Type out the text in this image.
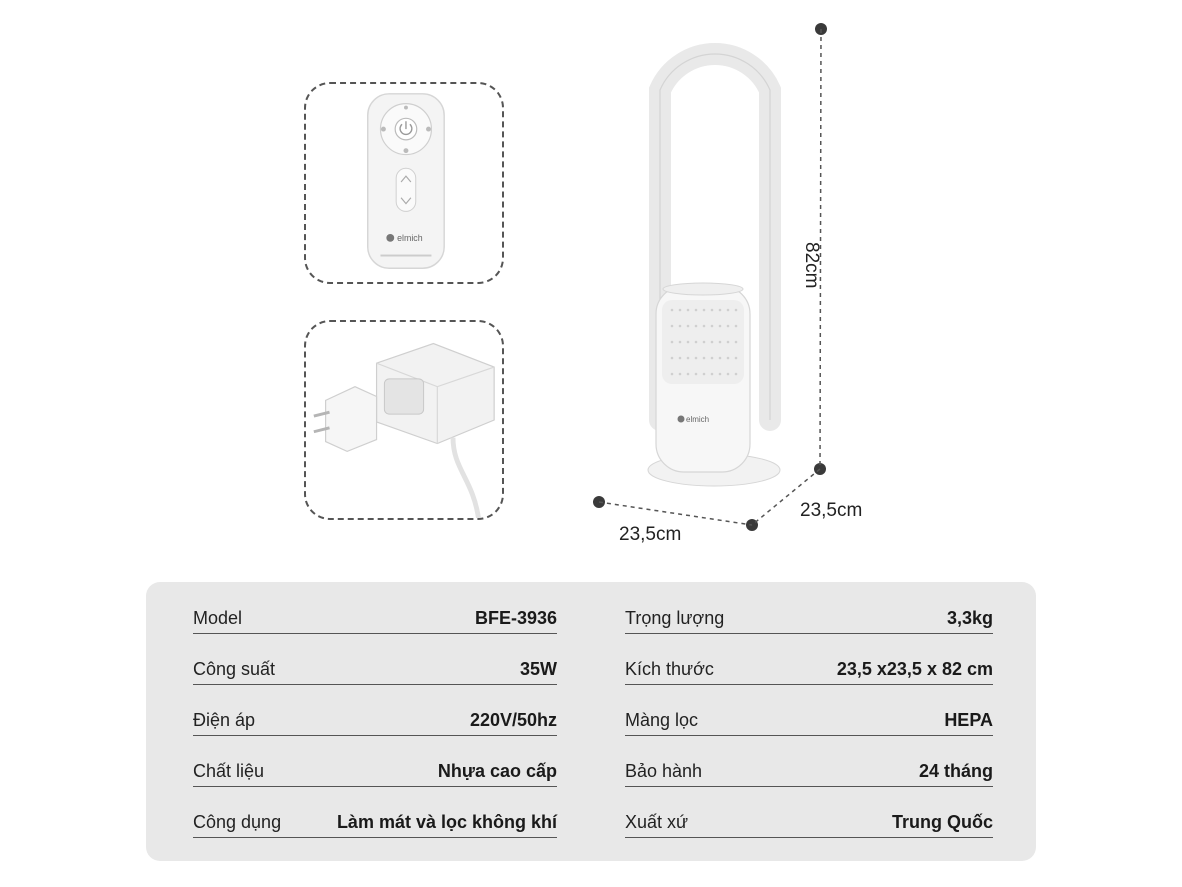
elmich
elmich
82cm
23,5cm
23,5cm
Model	BFE-3936
Công suất	35W
Điện áp	220V/50hz
Chất liệu	Nhựa cao cấp
Công dụng	Làm mát và lọc không khí
Trọng lượng	3,3kg
Kích thước	23,5 x23,5 x 82 cm
Màng lọc	HEPA
Bảo hành	24 tháng
Xuất xứ	Trung Quốc
